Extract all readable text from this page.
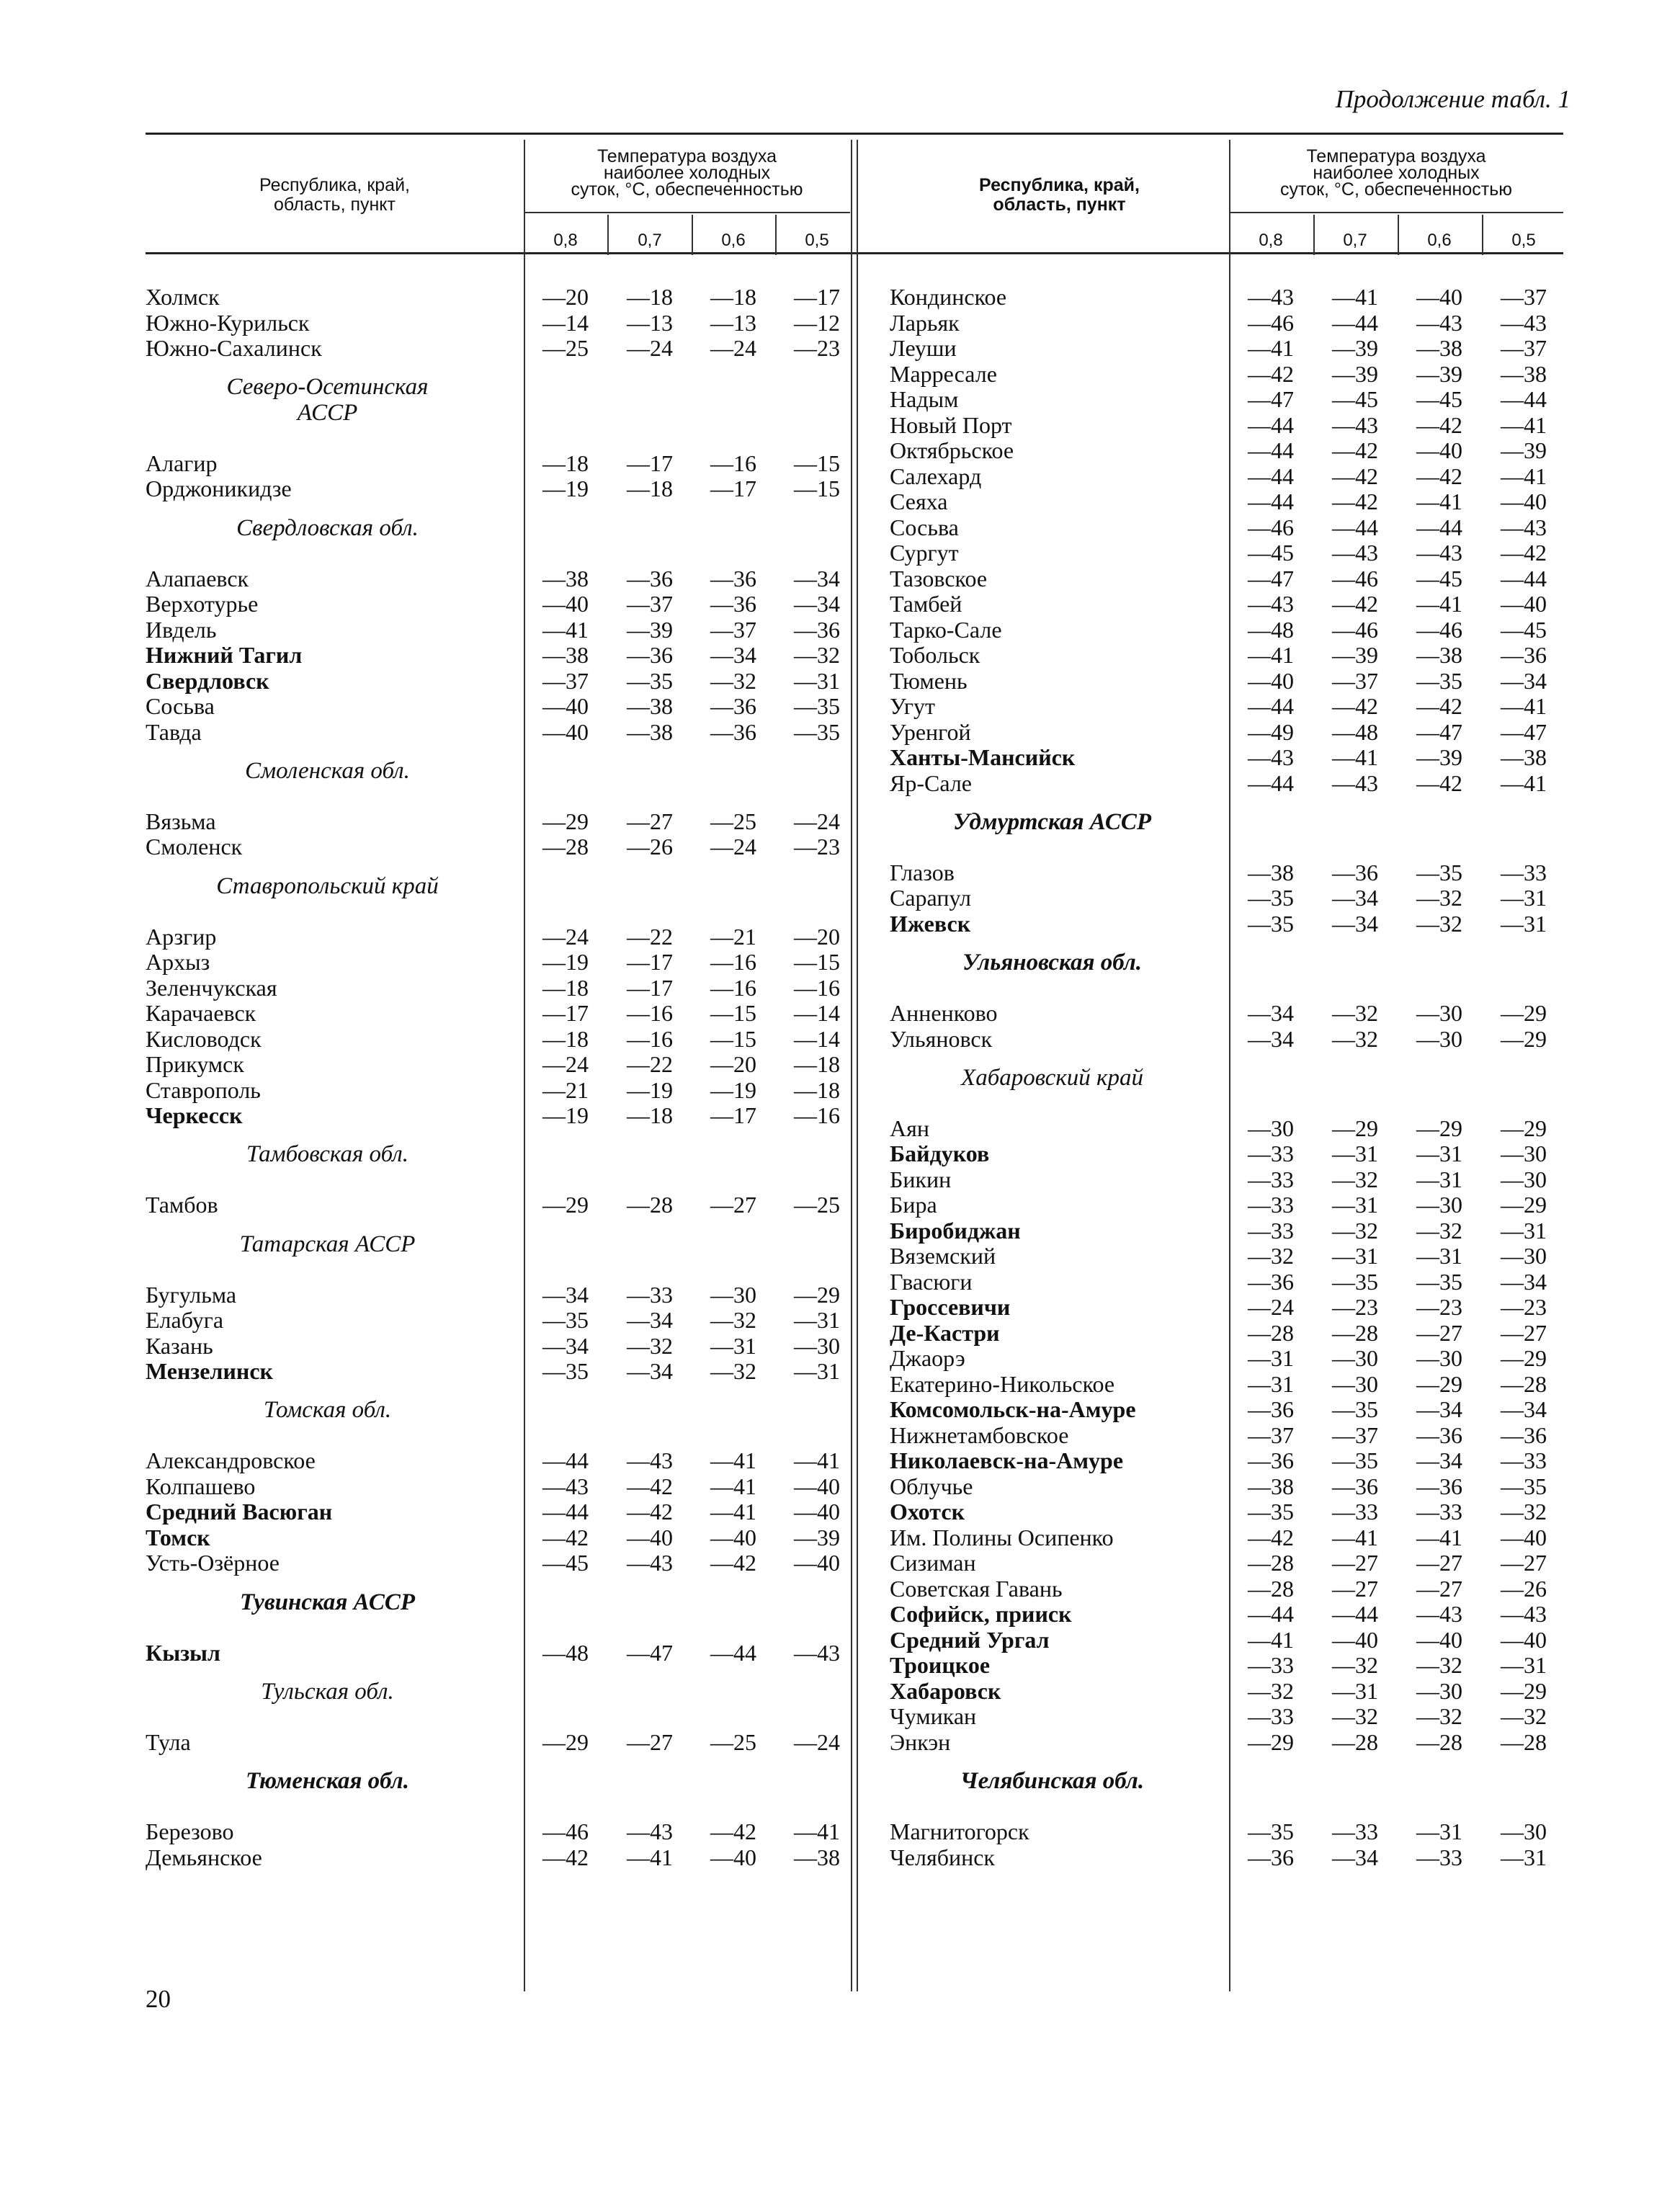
Продолжение табл. 1
20
Республика, край,
область, пункт
Температура воздуха
наиболее холодных
суток, °С, обеспеченностью
0,8	0,7	0,6	0,5
Холмск	—20	—18	—18	—17
Южно-Курильск	—14	—13	—13	—12
Южно-Сахалинск	—25	—24	—24	—23
Северо-Осетинская
АССР
Алагир	—18	—17	—16	—15
Орджоникидзе	—19	—18	—17	—15
Свердловская обл.
Алапаевск	—38	—36	—36	—34
Верхотурье	—40	—37	—36	—34
Ивдель	—41	—39	—37	—36
Нижний Тагил	—38	—36	—34	—32
Свердловск	—37	—35	—32	—31
Сосьва	—40	—38	—36	—35
Тавда	—40	—38	—36	—35
Смоленская обл.
Вязьма	—29	—27	—25	—24
Смоленск	—28	—26	—24	—23
Ставропольский край
Арзгир	—24	—22	—21	—20
Архыз	—19	—17	—16	—15
Зеленчукская	—18	—17	—16	—16
Карачаевск	—17	—16	—15	—14
Кисловодск	—18	—16	—15	—14
Прикумск	—24	—22	—20	—18
Ставрополь	—21	—19	—19	—18
Черкесск	—19	—18	—17	—16
Тамбовская обл.
Тамбов	—29	—28	—27	—25
Татарская АССР
Бугульма	—34	—33	—30	—29
Елабуга	—35	—34	—32	—31
Казань	—34	—32	—31	—30
Мензелинск	—35	—34	—32	—31
Томская обл.
Александровское	—44	—43	—41	—41
Колпашево	—43	—42	—41	—40
Средний Васюган	—44	—42	—41	—40
Томск	—42	—40	—40	—39
Усть-Озёрное	—45	—43	—42	—40
Тувинская АССР
Кызыл	—48	—47	—44	—43
Тульская обл.
Тула	—29	—27	—25	—24
Тюменская обл.
Березово	—46	—43	—42	—41
Демьянское	—42	—41	—40	—38
Республика, край,
область, пункт
Температура воздуха
наиболее холодных
суток, °С, обеспеченностью
0,8	0,7	0,6	0,5
Кондинское	—43	—41	—40	—37
Ларьяк	—46	—44	—43	—43
Леуши	—41	—39	—38	—37
Марресале	—42	—39	—39	—38
Надым	—47	—45	—45	—44
Новый Порт	—44	—43	—42	—41
Октябрьское	—44	—42	—40	—39
Салехард	—44	—42	—42	—41
Сеяха	—44	—42	—41	—40
Сосьва	—46	—44	—44	—43
Сургут	—45	—43	—43	—42
Тазовское	—47	—46	—45	—44
Тамбей	—43	—42	—41	—40
Тарко-Сале	—48	—46	—46	—45
Тобольск	—41	—39	—38	—36
Тюмень	—40	—37	—35	—34
Угут	—44	—42	—42	—41
Уренгой	—49	—48	—47	—47
Ханты-Мансийск	—43	—41	—39	—38
Яр-Сале	—44	—43	—42	—41
Удмуртская АССР
Глазов	—38	—36	—35	—33
Сарапул	—35	—34	—32	—31
Ижевск	—35	—34	—32	—31
Ульяновская обл.
Анненково	—34	—32	—30	—29
Ульяновск	—34	—32	—30	—29
Хабаровский край
Аян	—30	—29	—29	—29
Байдуков	—33	—31	—31	—30
Бикин	—33	—32	—31	—30
Бира	—33	—31	—30	—29
Биробиджан	—33	—32	—32	—31
Вяземский	—32	—31	—31	—30
Гвасюги	—36	—35	—35	—34
Гроссевичи	—24	—23	—23	—23
Де-Кастри	—28	—28	—27	—27
Джаорэ	—31	—30	—30	—29
Екатерино-Никольское	—31	—30	—29	—28
Комсомольск-на-Амуре	—36	—35	—34	—34
Нижнетамбовское	—37	—37	—36	—36
Николаевск-на-Амуре	—36	—35	—34	—33
Облучье	—38	—36	—36	—35
Охотск	—35	—33	—33	—32
Им. Полины Осипенко	—42	—41	—41	—40
Сизиман	—28	—27	—27	—27
Советская Гавань	—28	—27	—27	—26
Софийск, прииск	—44	—44	—43	—43
Средний Ургал	—41	—40	—40	—40
Троицкое	—33	—32	—32	—31
Хабаровск	—32	—31	—30	—29
Чумикан	—33	—32	—32	—32
Энкэн	—29	—28	—28	—28
Челябинская обл.
Магнитогорск	—35	—33	—31	—30
Челябинск	—36	—34	—33	—31
